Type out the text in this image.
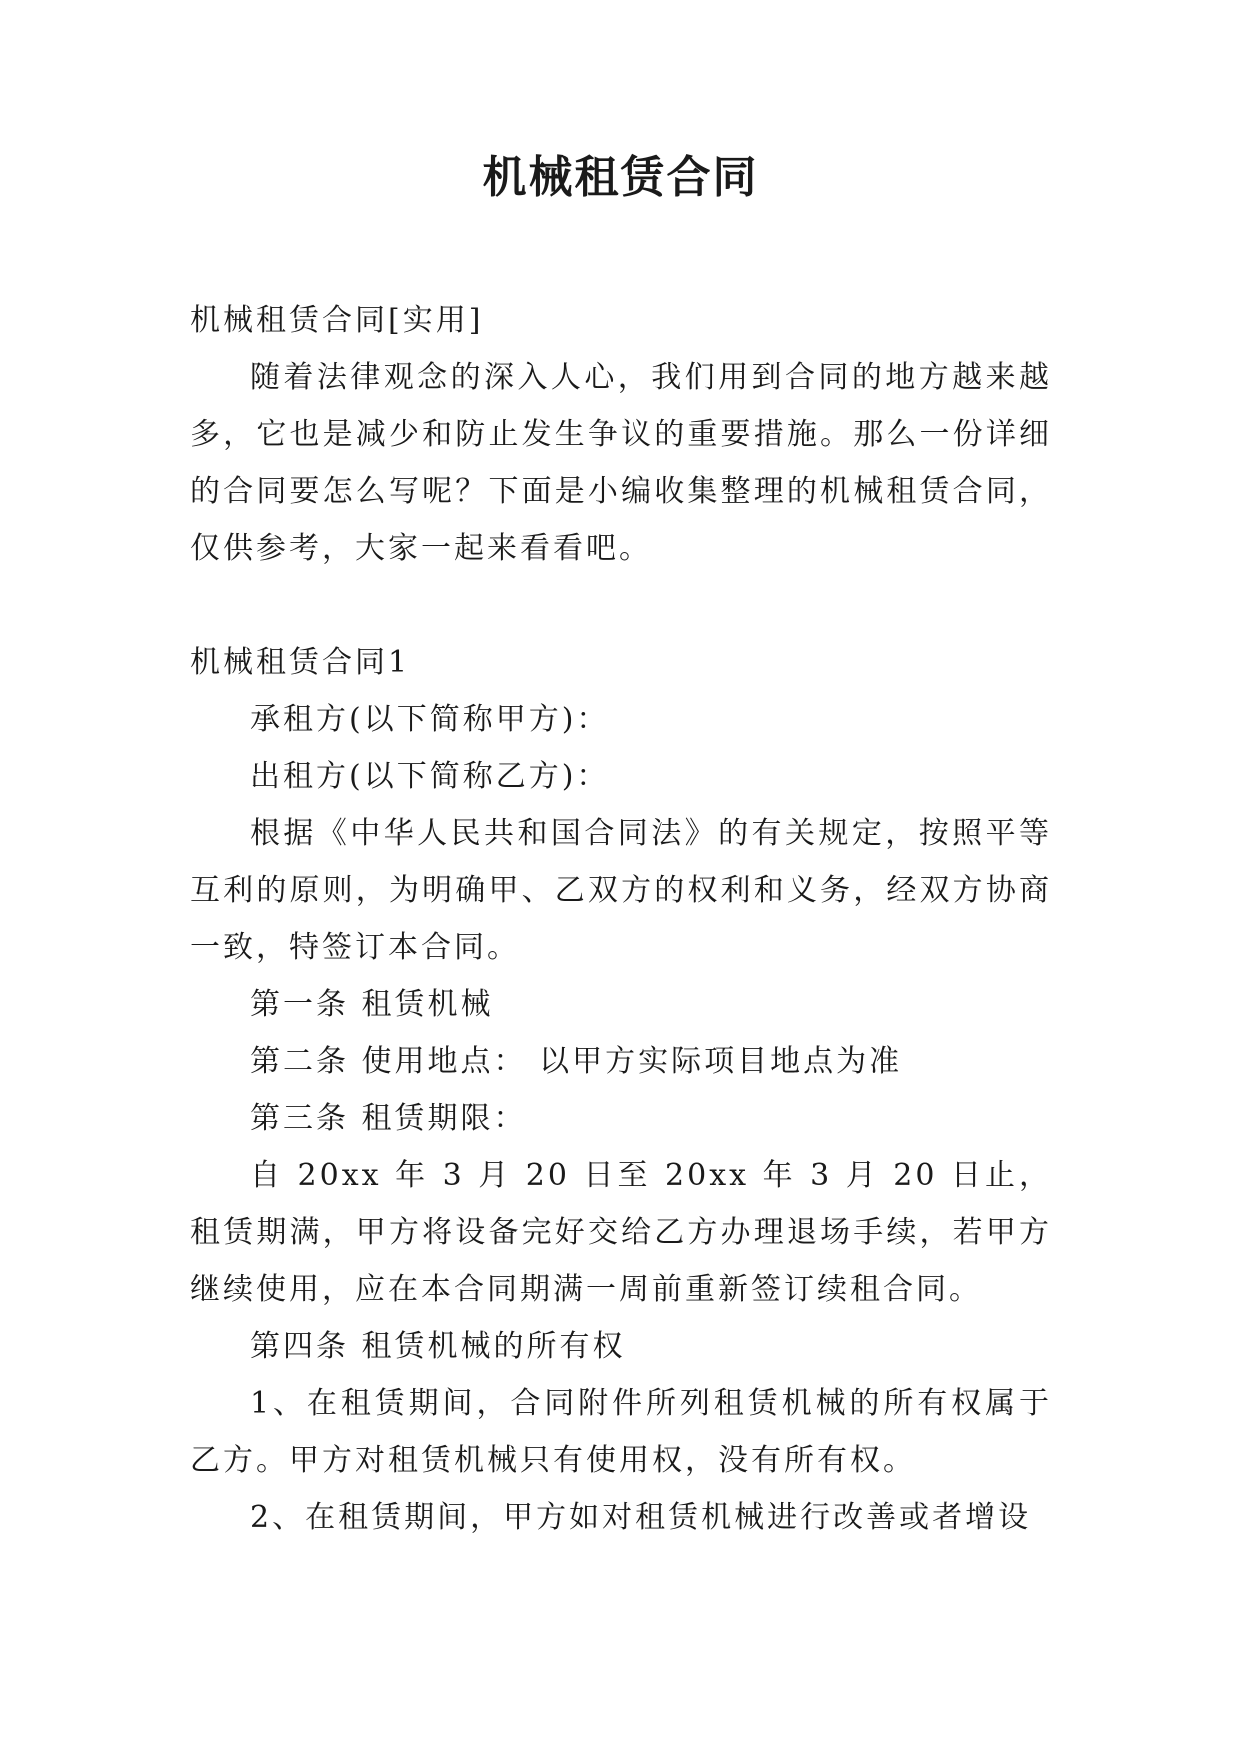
机械租赁合同

机械租赁合同[实用]

随着法律观念的深入人心，我们用到合同的地方越来越多，它也是减少和防止发生争议的重要措施。那么一份详细的合同要怎么写呢？下面是小编收集整理的机械租赁合同，仅供参考，大家一起来看看吧。

机械租赁合同1

承租方(以下简称甲方)：

出租方(以下简称乙方)：

根据《中华人民共和国合同法》的有关规定，按照平等互利的原则，为明确甲、乙双方的权利和义务，经双方协商一致，特签订本合同。

第一条 租赁机械

第二条 使用地点： 以甲方实际项目地点为准

第三条 租赁期限：

自 20xx 年 3 月 20 日至 20xx 年 3 月 20 日止，租赁期满，甲方将设备完好交给乙方办理退场手续，若甲方继续使用，应在本合同期满一周前重新签订续租合同。

第四条 租赁机械的所有权

1、在租赁期间，合同附件所列租赁机械的所有权属于乙方。甲方对租赁机械只有使用权，没有所有权。

2、在租赁期间，甲方如对租赁机械进行改善或者增设
